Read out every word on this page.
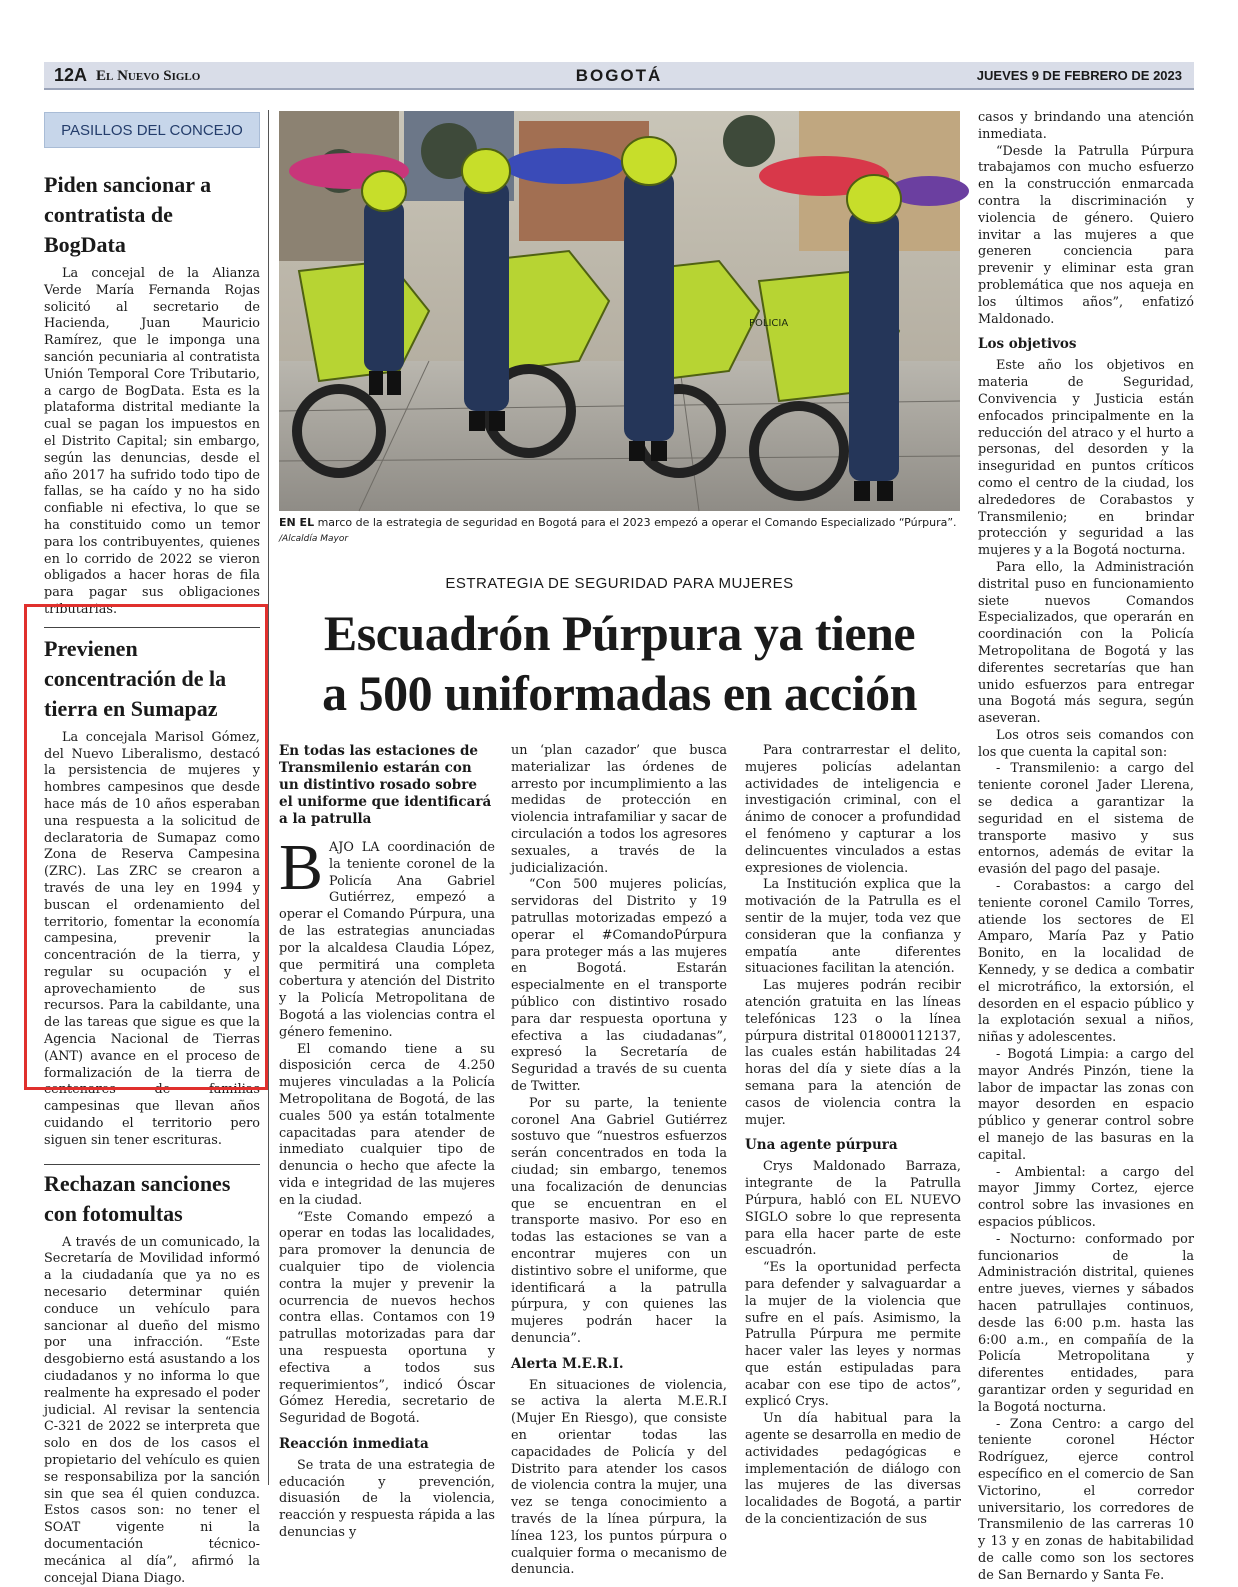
12A El Nuevo Siglo	BOGOTÁ	JUEVES 9 DE FEBRERO DE 2023
PASILLOS DEL CONCEJO
Piden sancionar a contratista de BogData

La concejal de la Alianza Verde María Fernanda Rojas solicitó al secretario de Hacienda, Juan Mauricio Ramírez, que le imponga una sanción pecuniaria al contratista Unión Temporal Core Tributario, a cargo de BogData. Esta es la plataforma distrital mediante la cual se pagan los impuestos en el Distrito Capital; sin embargo, según las denuncias, desde el año 2017 ha sufrido todo tipo de fallas, se ha caído y no ha sido confiable ni efectiva, lo que se ha constituido como un temor para los contribuyentes, quienes en lo corrido de 2022 se vieron obligados a hacer horas de fila para pagar sus obligaciones tributarias.

Previenen concentración de la tierra en Sumapaz

La concejala Marisol Gómez, del Nuevo Liberalismo, destacó la persistencia de mujeres y hombres campesinos que desde hace más de 10 años esperaban una respuesta a la solicitud de declaratoria de Sumapaz como Zona de Reserva Campesina (ZRC). Las ZRC se crearon a través de una ley en 1994 y buscan el ordenamiento del territorio, fomentar la economía campesina, prevenir la concentración de la tierra, y regular su ocupación y el aprovechamiento de sus recursos. Para la cabildante, una de las tareas que sigue es que la Agencia Nacional de Tierras (ANT) avance en el proceso de formalización de la tierra de centenares de familias campesinas que llevan años cuidando el territorio pero siguen sin tener escrituras.

Rechazan sanciones con fotomultas

A través de un comunicado, la Secretaría de Movilidad informó a la ciudadanía que ya no es necesario determinar quién conduce un vehículo para sancionar al dueño del mismo por una infracción. “Este desgobierno está asustando a los ciudadanos y no informa lo que realmente ha expresado el poder judicial. Al revisar la sentencia C-321 de 2022 se interpreta que solo en dos de los casos el propietario del vehículo es quien se responsabiliza por la sanción sin que sea él quien conduzca. Estos casos son: no tener el SOAT vigente ni la documentación técnico-mecánica al día”, afirmó la concejal Diana Diago.

POLICIA

EN EL marco de la estrategia de seguridad en Bogotá para el 2023 empezó a operar el Comando Especializado “Púrpura”. /Alcaldía Mayor

ESTRATEGIA DE SEGURIDAD PARA MUJERES
Escuadrón Púrpura ya tiene
a 500 uniformadas en acción

En todas las estaciones de Transmilenio estarán con un distintivo rosado sobre el uniforme que identificará a la patrulla

B AJO LA coordinación de la teniente coronel de la Policía Ana Gabriel Gutiérrez, empezó a operar el Comando Púrpura, una de las estrategias anunciadas por la alcaldesa Claudia López, que permitirá una completa cobertura y atención del Distrito y la Policía Metropolitana de Bogotá a las violencias contra el género femenino.

El comando tiene a su disposición cerca de 4.250 mujeres vinculadas a la Policía Metropolitana de Bogotá, de las cuales 500 ya están totalmente capacitadas para atender de inmediato cualquier tipo de denuncia o hecho que afecte la vida e integridad de las mujeres en la ciudad.

“Este Comando empezó a operar en todas las localidades, para promover la denuncia de cualquier tipo de violencia contra la mujer y prevenir la ocurrencia de nuevos hechos contra ellas. Contamos con 19 patrullas motorizadas para dar una respuesta oportuna y efectiva a todos sus requerimientos”, indicó Óscar Gómez Heredia, secretario de Seguridad de Bogotá.

Reacción inmediata

Se trata de una estrategia de educación y prevención, disuasión de la violencia, reacción y respuesta rápida a las denuncias y

un ‘plan cazador’ que busca materializar las órdenes de arresto por incumplimiento a las medidas de protección en violencia intrafamiliar y sacar de circulación a todos los agresores sexuales, a través de la judicialización.

“Con 500 mujeres policías, servidoras del Distrito y 19 patrullas motorizadas empezó a operar el #ComandoPúrpura para proteger más a las mujeres en Bogotá. Estarán especialmente en el transporte público con distintivo rosado para dar respuesta oportuna y efectiva a las ciudadanas”, expresó la Secretaría de Seguridad a través de su cuenta de Twitter.

Por su parte, la teniente coronel Ana Gabriel Gutiérrez sostuvo que “nuestros esfuerzos serán concentrados en toda la ciudad; sin embargo, tenemos una focalización de denuncias que se encuentran en el transporte masivo. Por eso en todas las estaciones se van a encontrar mujeres con un distintivo sobre el uniforme, que identificará a la patrulla púrpura, y con quienes las mujeres podrán hacer la denuncia”.

Alerta M.E.R.I.

En situaciones de violencia, se activa la alerta M.E.R.I (Mujer En Riesgo), que consiste en orientar todas las capacidades de Policía y del Distrito para atender los casos de violencia contra la mujer, una vez se tenga conocimiento a través de la línea púrpura, la línea 123, los puntos púrpura o cualquier forma o mecanismo de denuncia.

Para contrarrestar el delito, mujeres policías adelantan actividades de inteligencia e investigación criminal, con el ánimo de conocer a profundidad el fenómeno y capturar a los delincuentes vinculados a estas expresiones de violencia.

La Institución explica que la motivación de la Patrulla es el sentir de la mujer, toda vez que consideran que la confianza y empatía ante diferentes situaciones facilitan la atención.

Las mujeres podrán recibir atención gratuita en las líneas telefónicas 123 o la línea púrpura distrital 018000112137, las cuales están habilitadas 24 horas del día y siete días a la semana para la atención de casos de violencia contra la mujer.

Una agente púrpura

Crys Maldonado Barraza, integrante de la Patrulla Púrpura, habló con EL NUEVO SIGLO sobre lo que representa para ella hacer parte de este escuadrón.

“Es la oportunidad perfecta para defender y salvaguardar a la mujer de la violencia que sufre en el país. Asimismo, la Patrulla Púrpura me permite hacer valer las leyes y normas que están estipuladas para acabar con ese tipo de actos”, explicó Crys.

Un día habitual para la agente se desarrolla en medio de actividades pedagógicas e implementación de diálogo con las mujeres de las diversas localidades de Bogotá, a partir de la concientización de sus

casos y brindando una atención inmediata.

“Desde la Patrulla Púrpura trabajamos con mucho esfuerzo en la construcción enmarcada contra la discriminación y violencia de género. Quiero invitar a las mujeres a que generen conciencia para prevenir y eliminar esta gran problemática que nos aqueja en los últimos años”, enfatizó Maldonado.

Los objetivos

Este año los objetivos en materia de Seguridad, Convivencia y Justicia están enfocados principalmente en la reducción del atraco y el hurto a personas, del desorden y la inseguridad en puntos críticos como el centro de la ciudad, los alrededores de Corabastos y Transmilenio; en brindar protección y seguridad a las mujeres y a la Bogotá nocturna.

Para ello, la Administración distrital puso en funcionamiento siete nuevos Comandos Especializados, que operarán en coordinación con la Policía Metropolitana de Bogotá y las diferentes secretarías que han unido esfuerzos para entregar una Bogotá más segura, según aseveran.

Los otros seis comandos con los que cuenta la capital son:

- Transmilenio: a cargo del teniente coronel Jader Llerena, se dedica a garantizar la seguridad en el sistema de transporte masivo y sus entornos, además de evitar la evasión del pago del pasaje.

- Corabastos: a cargo del teniente coronel Camilo Torres, atiende los sectores de El Amparo, María Paz y Patio Bonito, en la localidad de Kennedy, y se dedica a combatir el microtráfico, la extorsión, el desorden en el espacio público y la explotación sexual a niños, niñas y adolescentes.

- Bogotá Limpia: a cargo del mayor Andrés Pinzón, tiene la labor de impactar las zonas con mayor desorden en espacio público y generar control sobre el manejo de las basuras en la capital.

- Ambiental: a cargo del mayor Jimmy Cortez, ejerce control sobre las invasiones en espacios públicos.

- Nocturno: conformado por funcionarios de la Administración distrital, quienes entre jueves, viernes y sábados hacen patrullajes continuos, desde las 6:00 p.m. hasta las 6:00 a.m., en compañía de la Policía Metropolitana y diferentes entidades, para garantizar orden y seguridad en la Bogotá nocturna.

- Zona Centro: a cargo del teniente coronel Héctor Rodríguez, ejerce control específico en el comercio de San Victorino, el corredor universitario, los corredores de Transmilenio de las carreras 10 y 13 y en zonas de habitabilidad de calle como son los sectores de San Bernardo y Santa Fe.
